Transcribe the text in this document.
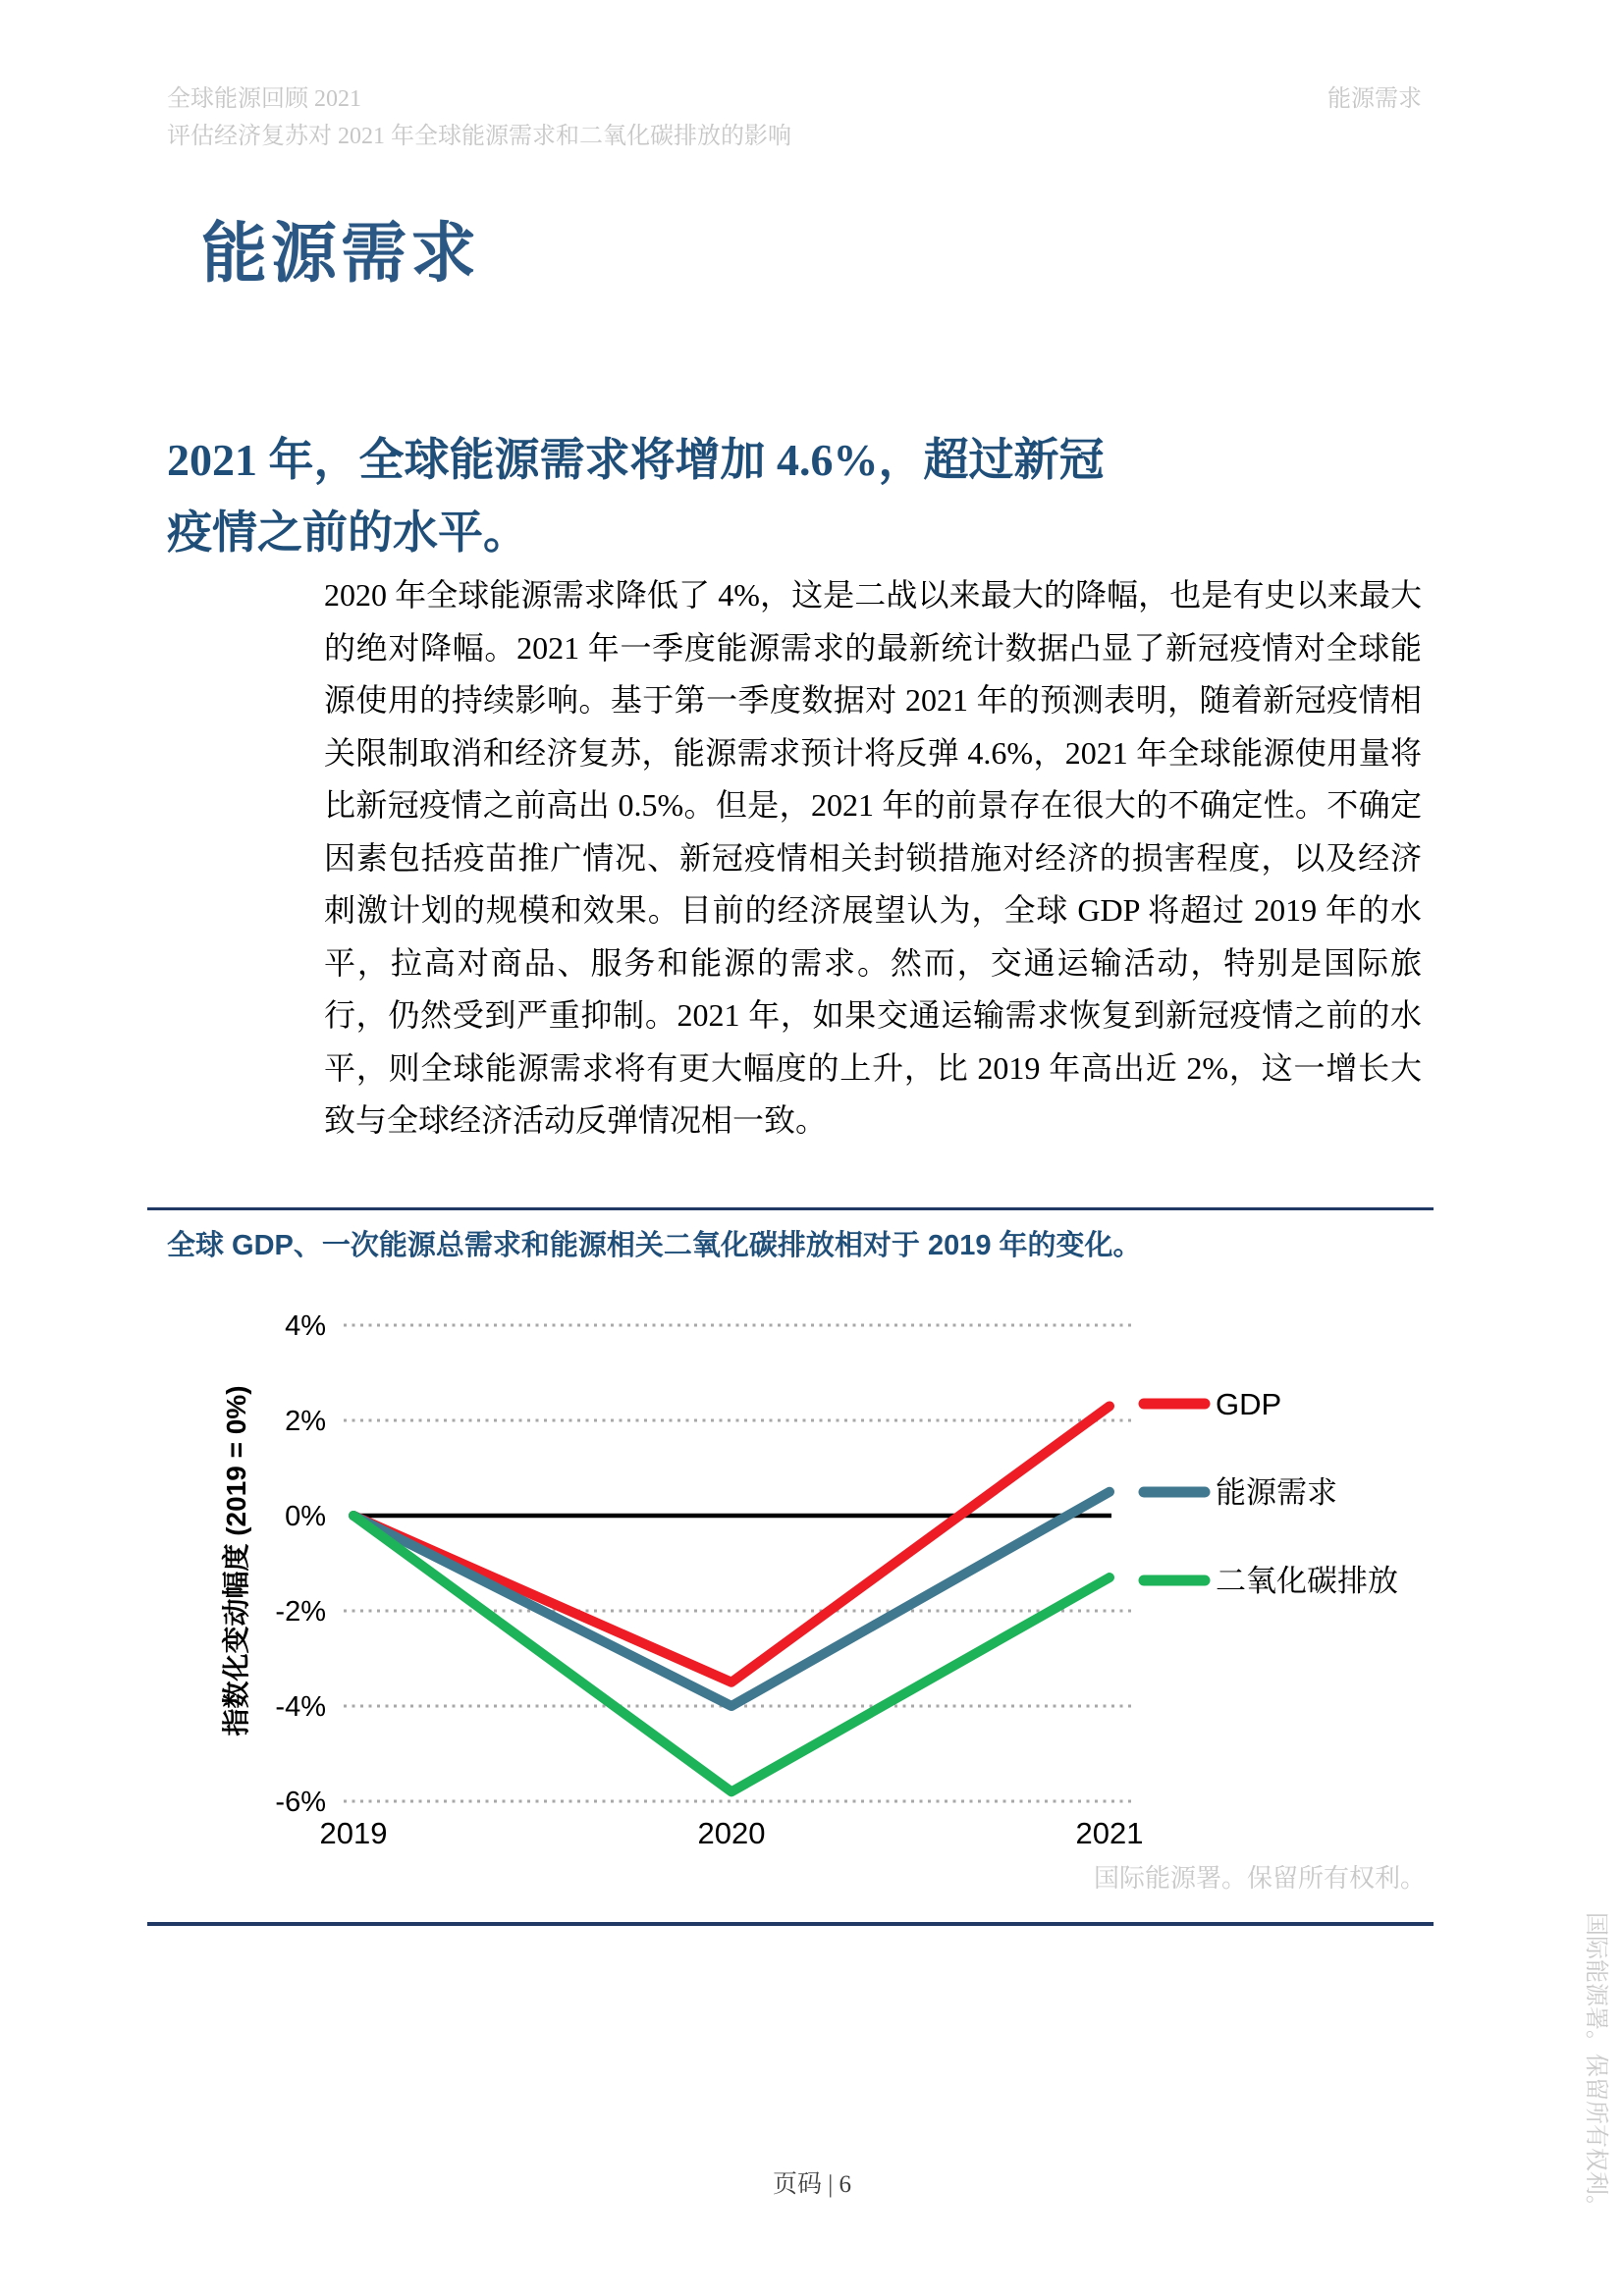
全球能源回顾 2021
评估经济复苏对 2021 年全球能源需求和二氧化碳排放的影响
能源需求
能源需求
2021 年，全球能源需求将增加 4.6%，超过新冠
疫情之前的水平。
2020 年全球能源需求降低了 4%，这是二战以来最大的降幅，也是有史以来最大的绝对降幅。2021 年一季度能源需求的最新统计数据凸显了新冠疫情对全球能源使用的持续影响。基于第一季度数据对 2021 年的预测表明，随着新冠疫情相关限制取消和经济复苏，能源需求预计将反弹 4.6%，2021 年全球能源使用量将比新冠疫情之前高出 0.5%。但是，2021 年的前景存在很大的不确定性。不确定因素包括疫苗推广情况、新冠疫情相关封锁措施对经济的损害程度，以及经济刺激计划的规模和效果。目前的经济展望认为，全球 GDP 将超过 2019 年的水平，拉高对商品、服务和能源的需求。然而，交通运输活动，特别是国际旅行，仍然受到严重抑制。2021 年，如果交通运输需求恢复到新冠疫情之前的水平，则全球能源需求将有更大幅度的上升，比 2019 年高出近 2%，这一增长大致与全球经济活动反弹情况相一致。
全球 GDP、一次能源总需求和能源相关二氧化碳排放相对于 2019 年的变化。
4%
2%
0%
-2%
-4%
-6%
2019	2020	2021
指数化变动幅度 (2019 = 0%)	GDP
能源需求
二氧化碳排放
国际能源署。保留所有权利。
页码 | 6	国际能源署。保留所有权利。
